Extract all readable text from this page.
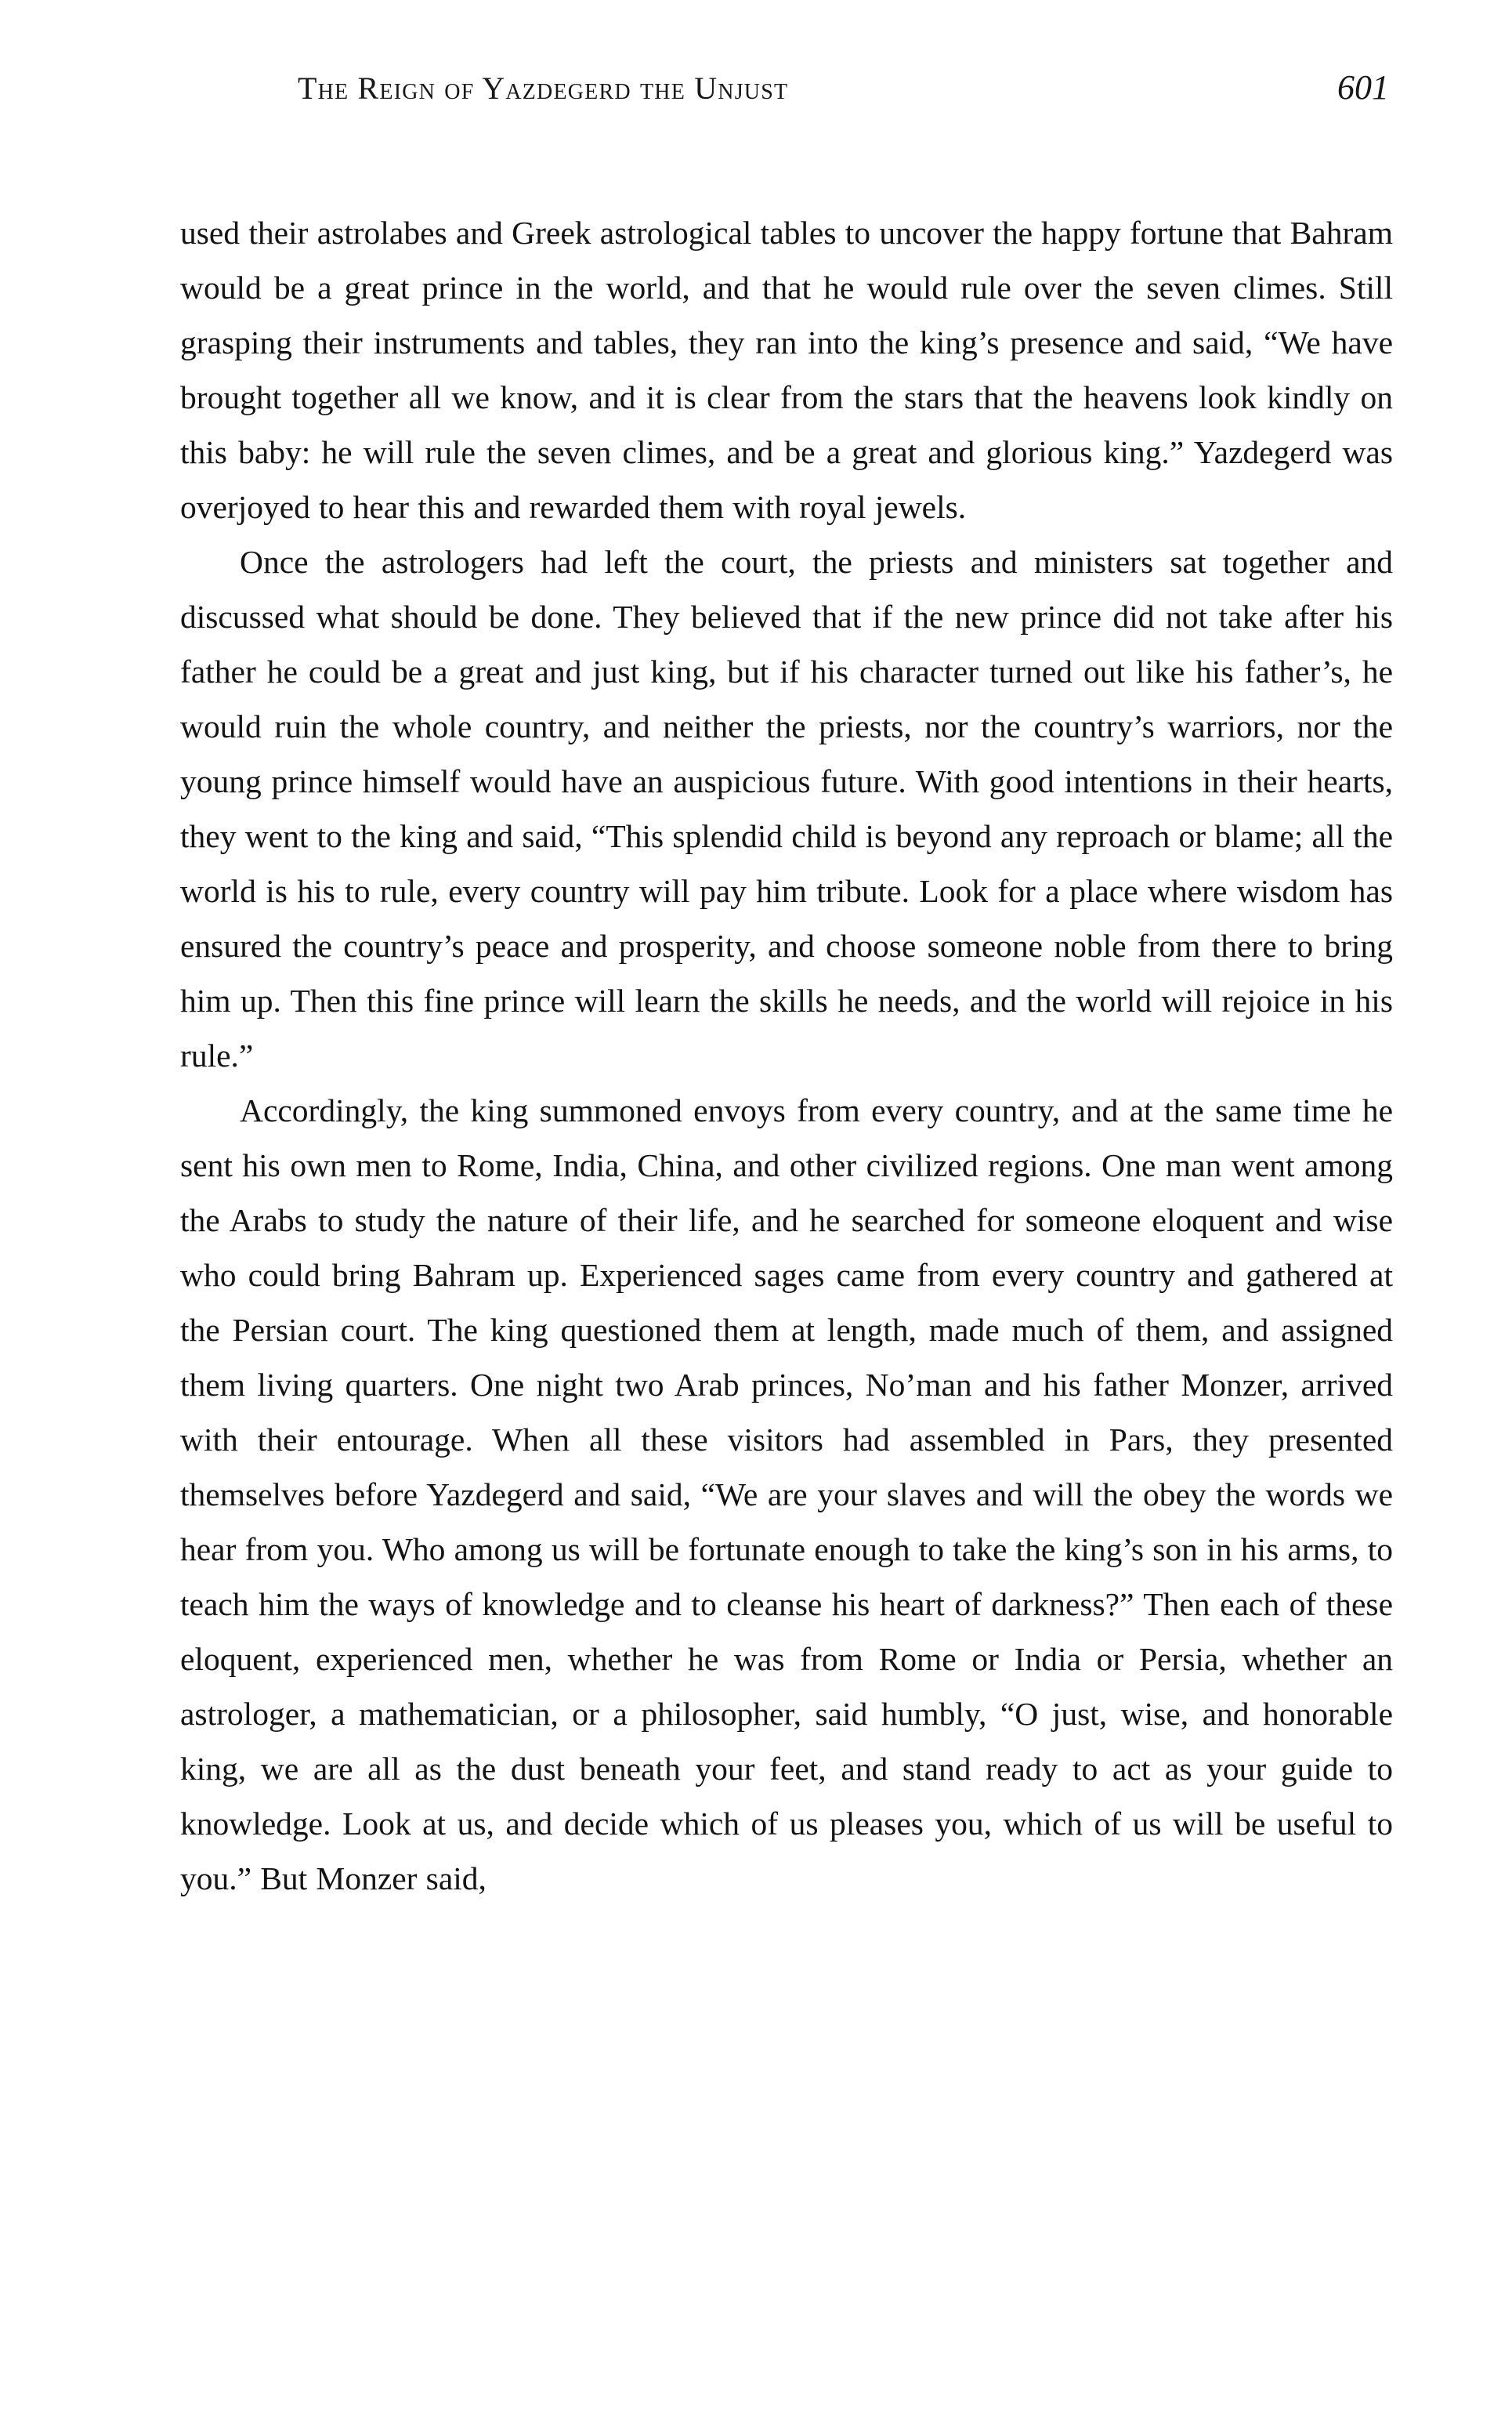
The Reign of Yazdegerd the Unjust	601

used their astrolabes and Greek astrological tables to uncover the happy fortune that Bahram would be a great prince in the world, and that he would rule over the seven climes. Still grasping their instruments and tables, they ran into the king’s presence and said, “We have brought together all we know, and it is clear from the stars that the heavens look kindly on this baby: he will rule the seven climes, and be a great and glorious king.” Yazdegerd was overjoyed to hear this and rewarded them with royal jewels.

Once the astrologers had left the court, the priests and ministers sat together and discussed what should be done. They believed that if the new prince did not take after his father he could be a great and just king, but if his character turned out like his father’s, he would ruin the whole country, and neither the priests, nor the country’s warriors, nor the young prince himself would have an auspicious future. With good intentions in their hearts, they went to the king and said, “This splendid child is beyond any reproach or blame; all the world is his to rule, every country will pay him tribute. Look for a place where wisdom has ensured the country’s peace and prosperity, and choose someone noble from there to bring him up. Then this fine prince will learn the skills he needs, and the world will rejoice in his rule.”

Accordingly, the king summoned envoys from every country, and at the same time he sent his own men to Rome, India, China, and other civilized regions. One man went among the Arabs to study the nature of their life, and he searched for someone eloquent and wise who could bring Bahram up. Experienced sages came from every country and gathered at the Persian court. The king questioned them at length, made much of them, and assigned them living quarters. One night two Arab princes, No’man and his father Monzer, arrived with their entourage. When all these visitors had assembled in Pars, they presented themselves before Yazdegerd and said, “We are your slaves and will the obey the words we hear from you. Who among us will be fortunate enough to take the king’s son in his arms, to teach him the ways of knowledge and to cleanse his heart of darkness?” Then each of these eloquent, experienced men, whether he was from Rome or India or Persia, whether an astrologer, a mathematician, or a philosopher, said humbly, “O just, wise, and honorable king, we are all as the dust beneath your feet, and stand ready to act as your guide to knowledge. Look at us, and decide which of us pleases you, which of us will be useful to you.” But Monzer said,
